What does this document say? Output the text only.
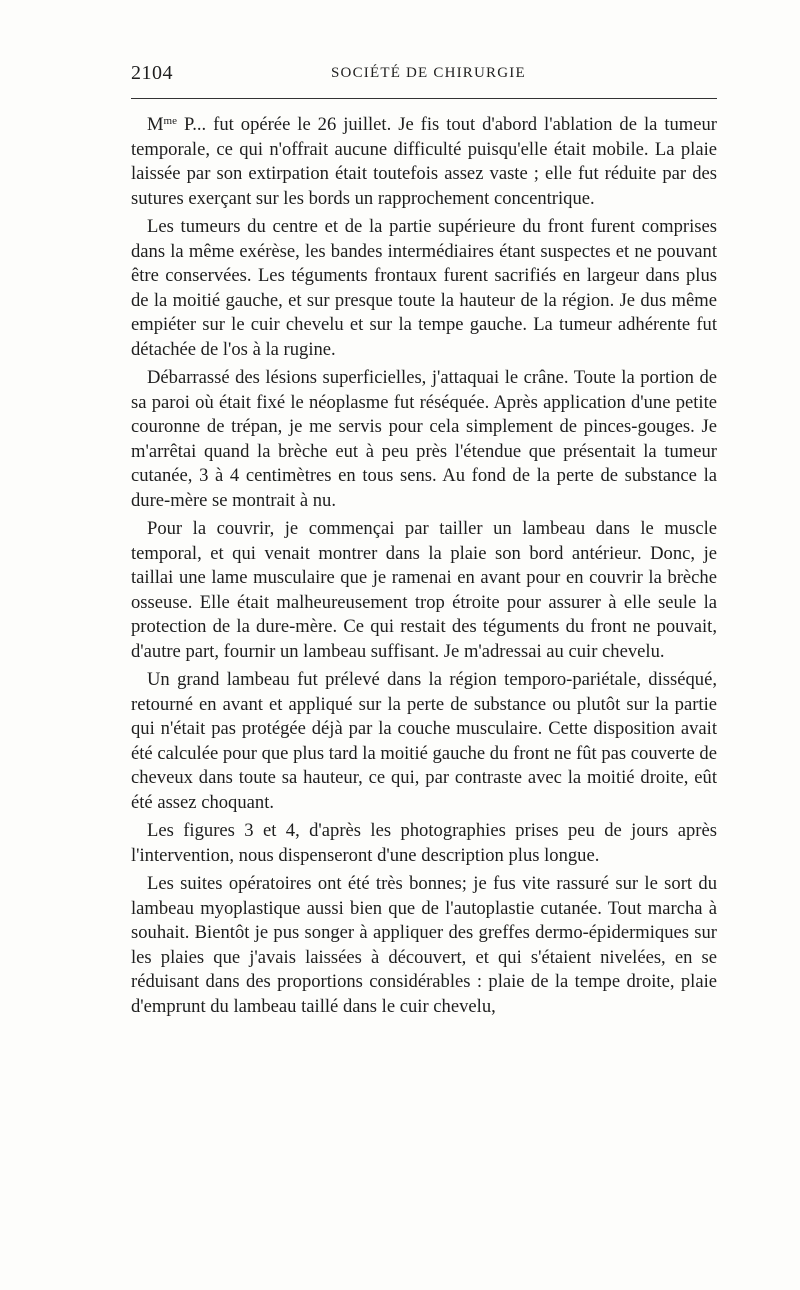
2104	SOCIÉTÉ DE CHIRURGIE

$M^{me}$ P... fut opérée le 26 juillet. Je fis tout d'abord l'ablation de la tumeur temporale, ce qui n'offrait aucune difficulté puisqu'elle était mobile. La plaie laissée par son extirpation était toutefois assez vaste ; elle fut réduite par des sutures exerçant sur les bords un rapprochement concentrique.

Les tumeurs du centre et de la partie supérieure du front furent comprises dans la même exérèse, les bandes intermédiaires étant suspectes et ne pouvant être conservées. Les téguments frontaux furent sacrifiés en largeur dans plus de la moitié gauche, et sur presque toute la hauteur de la région. Je dus même empiéter sur le cuir chevelu et sur la tempe gauche. La tumeur adhérente fut détachée de l'os à la rugine.

Débarrassé des lésions superficielles, j'attaquai le crâne. Toute la portion de sa paroi où était fixé le néoplasme fut réséquée. Après application d'une petite couronne de trépan, je me servis pour cela simplement de pinces-gouges. Je m'arrêtai quand la brèche eut à peu près l'étendue que présentait la tumeur cutanée, 3 à 4 centimètres en tous sens. Au fond de la perte de substance la dure-mère se montrait à nu.

Pour la couvrir, je commençai par tailler un lambeau dans le muscle temporal, et qui venait montrer dans la plaie son bord antérieur. Donc, je taillai une lame musculaire que je ramenai en avant pour en couvrir la brèche osseuse. Elle était malheureusement trop étroite pour assurer à elle seule la protection de la dure-mère. Ce qui restait des téguments du front ne pouvait, d'autre part, fournir un lambeau suffisant. Je m'adressai au cuir chevelu.

Un grand lambeau fut prélevé dans la région temporo-pariétale, disséqué, retourné en avant et appliqué sur la perte de substance ou plutôt sur la partie qui n'était pas protégée déjà par la couche musculaire. Cette disposition avait été calculée pour que plus tard la moitié gauche du front ne fût pas couverte de cheveux dans toute sa hauteur, ce qui, par contraste avec la moitié droite, eût été assez choquant.

Les figures 3 et 4, d'après les photographies prises peu de jours après l'intervention, nous dispenseront d'une description plus longue.

Les suites opératoires ont été très bonnes; je fus vite rassuré sur le sort du lambeau myoplastique aussi bien que de l'autoplastie cutanée. Tout marcha à souhait. Bientôt je pus songer à appliquer des greffes dermo-épidermiques sur les plaies que j'avais laissées à découvert, et qui s'étaient nivelées, en se réduisant dans des proportions considérables : plaie de la tempe droite, plaie d'emprunt du lambeau taillé dans le cuir chevelu,
